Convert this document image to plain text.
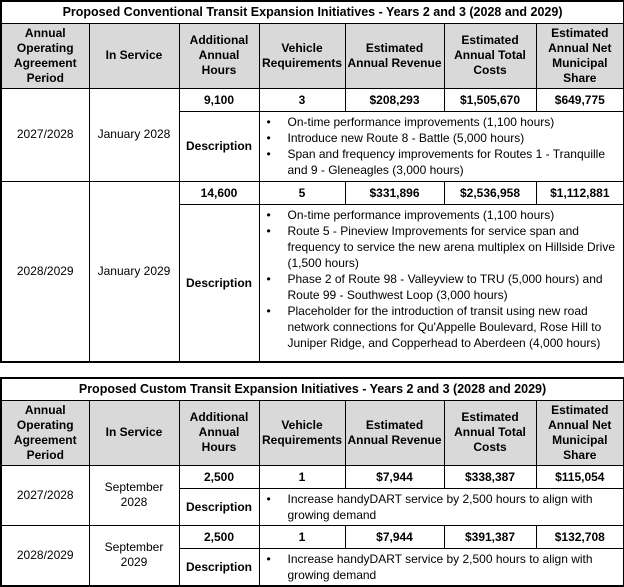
Proposed Conventional Transit Expansion Initiatives - Years 2 and 3 (2028 and 2029)						
Annual Operating Agreement Period	In Service	Additional Annual Hours	Vehicle Requirements	Estimated Annual Revenue	Estimated Annual Total Costs	Estimated Annual Net Municipal Share
2027/2028	January 2028	9,100	3	$208,293	$1,505,670	$649,775
		Description	• On-time performance improvements (1,100 hours)
• Introduce new Route 8 - Battle (5,000 hours)
• Span and frequency improvements for Routes 1 - Tranquille and 9 - Gleneagles (3,000 hours)

2028/2029	January 2029	14,600	5	$331,896	$2,536,958	$1,112,881
		Description	• On-time performance improvements (1,100 hours)
• Route 5 - Pineview Improvements for service span and frequency to service the new arena multiplex on Hillside Drive (1,500 hours)
• Phase 2 of Route 98 - Valleyview to TRU (5,000 hours) and Route 99 - Southwest Loop (3,000 hours)
• Placeholder for the introduction of transit using new road network connections for Qu'Appelle Boulevard, Rose Hill to Juniper Ridge, and Copperhead to Aberdeen (4,000 hours)
Proposed Custom Transit Expansion Initiatives - Years 2 and 3 (2028 and 2029)						
Annual Operating Agreement Period	In Service	Additional Annual Hours	Vehicle Requirements	Estimated Annual Revenue	Estimated Annual Total Costs	Estimated Annual Net Municipal Share
2027/2028	September 2028	2,500	1	$7,944	$338,387	$115,054
		Description	• Increase handyDART service by 2,500 hours to align with growing demand

2028/2029	September 2029	2,500	1	$7,944	$391,387	$132,708
		Description	• Increase handyDART service by 2,500 hours to align with growing demand
